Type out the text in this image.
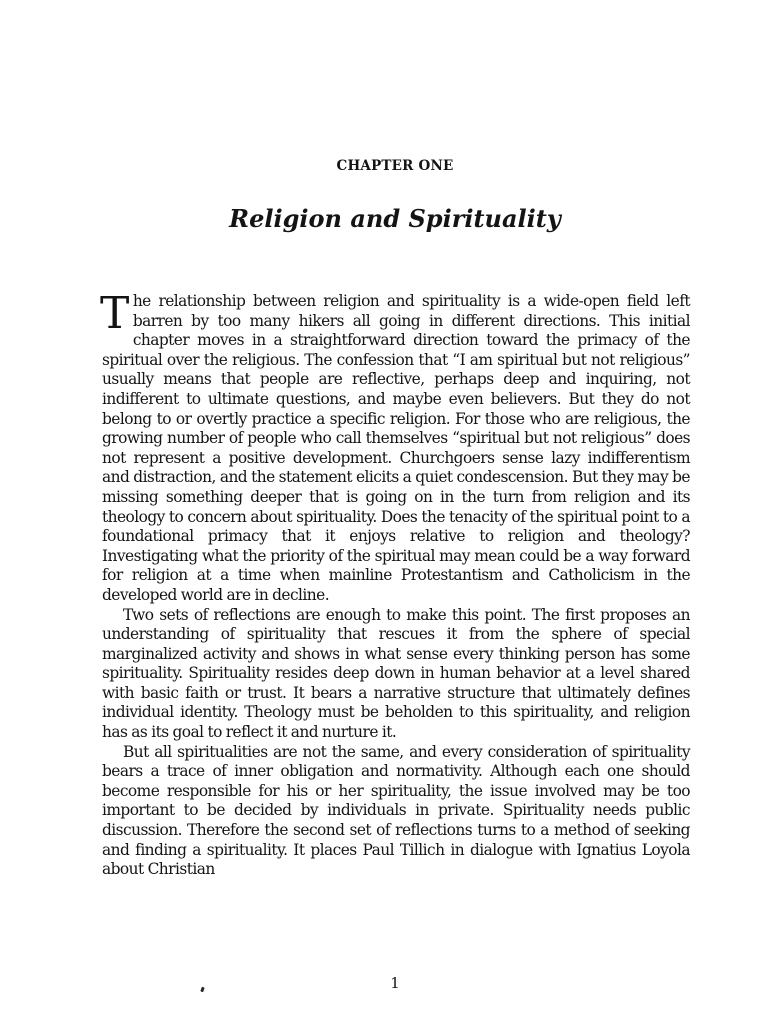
CHAPTER ONE
Religion and Spirituality

The relationship between religion and spirituality is a wide-open field left barren by too many hikers all going in different directions. This initial chapter moves in a straightforward direction toward the primacy of the spiritual over the religious. The confession that “I am spiritual but not religious” usually means that people are reflective, perhaps deep and inquiring, not indifferent to ultimate questions, and maybe even believers. But they do not belong to or overtly practice a specific religion. For those who are religious, the growing number of people who call themselves “spiritual but not religious” does not represent a positive development. Churchgoers sense lazy indifferentism and distraction, and the statement elicits a quiet condescension. But they may be missing something deeper that is going on in the turn from religion and its theology to concern about spirituality. Does the tenacity of the spiritual point to a foundational primacy that it enjoys relative to religion and theology? Investigating what the priority of the spiritual may mean could be a way forward for religion at a time when mainline Protestantism and Catholicism in the developed world are in decline.

Two sets of reflections are enough to make this point. The first proposes an understanding of spirituality that rescues it from the sphere of special marginalized activity and shows in what sense every thinking person has some spirituality. Spirituality resides deep down in human behavior at a level shared with basic faith or trust. It bears a narrative structure that ultimately defines individual identity. Theology must be beholden to this spirituality, and religion has as its goal to reflect it and nurture it.

But all spiritualities are not the same, and every consideration of spirituality bears a trace of inner obligation and normativity. Although each one should become responsible for his or her spirituality, the issue involved may be too important to be decided by individuals in private. Spirituality needs public discussion. Therefore the second set of reflections turns to a method of seeking and finding a spirituality. It places Paul Tillich in dialogue with Ignatius Loyola about Christian

1
